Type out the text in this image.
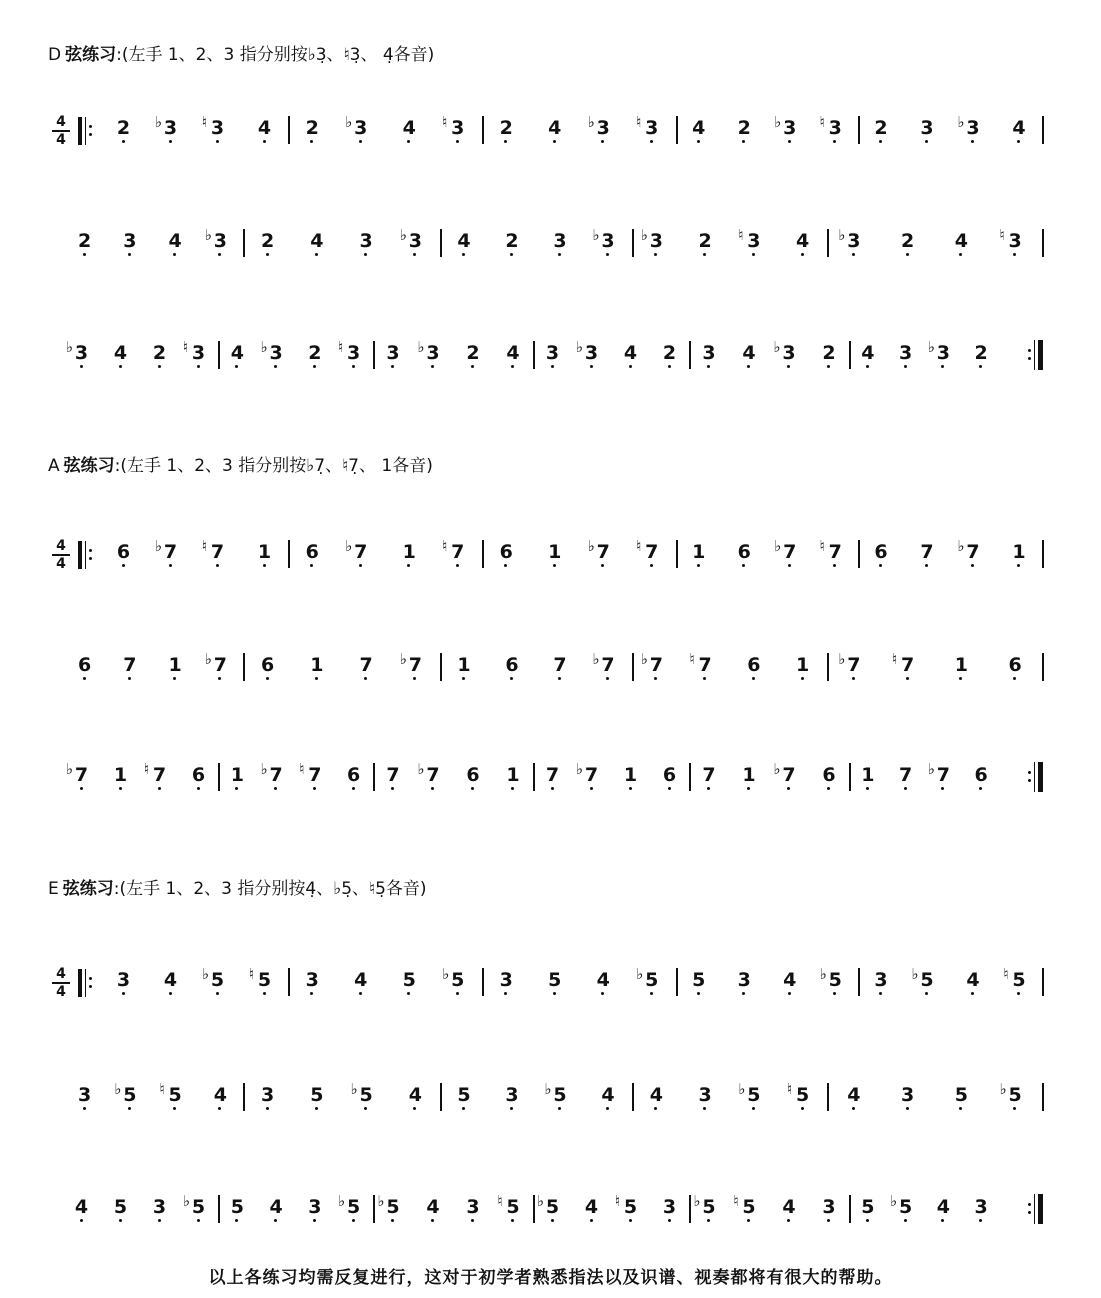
4
4
2	♭ 3	♮ 3	4	2	♭ 3	4	♮ 3	2	4	♭ 3	♮ 3	4	2	♭ 3	♮ 3	2	3	♭ 3	4
2	3	4	♭ 3	2	4	3	♭ 3	4	2	3	♭ 3	♭ 3	2	♮ 3	4	♭ 3	2	4	♮ 3
♭ 3	4	2	♮ 3	4	♭ 3	2	♮ 3	3	♭ 3	2	4	3	♭ 3	4	2	3	4	♭ 3	2	4	3	♭ 3	2
4
4
6	♭ 7	♮ 7	1	6	♭ 7	1	♮ 7	6	1	♭ 7	♮ 7	1	6	♭ 7	♮ 7	6	7	♭ 7	1
6	7	1	♭ 7	6	1	7	♭ 7	1	6	7	♭ 7	♭ 7	♮ 7	6	1	♭ 7	♮ 7	1	6
♭ 7	1	♮ 7	6	1	♭ 7	♮ 7	6	7	♭ 7	6	1	7	♭ 7	1	6	7	1	♭ 7	6	1	7	♭ 7	6
4
4
3	4	♭ 5	♮ 5	3	4	5	♭ 5	3	5	4	♭ 5	5	3	4	♭ 5	3	♭ 5	4	♮ 5
3	♭ 5	♮ 5	4	3	5	♭ 5	4	5	3	♭ 5	4	4	3	♭ 5	♮ 5	4	3	5	♭ 5
4	5	3	♭ 5	5	4	3	♭ 5	♭ 5	4	3	♮ 5	♭ 5	4	♮ 5	3	♭ 5	♮ 5	4	3	5	♭ 5	4	3
D 弦练习:(左手 1、2、3 指分别按♭3̣、♮3̣、 4̣各音)
A 弦练习:(左手 1、2、3 指分别按♭7̣、♮7̣、 1各音)
E 弦练习:(左手 1、2、3 指分别按4̣、♭5̣、♮5̣各音)
以上各练习均需反复进行，这对于初学者熟悉指法以及识谱、视奏都将有很大的帮助。
